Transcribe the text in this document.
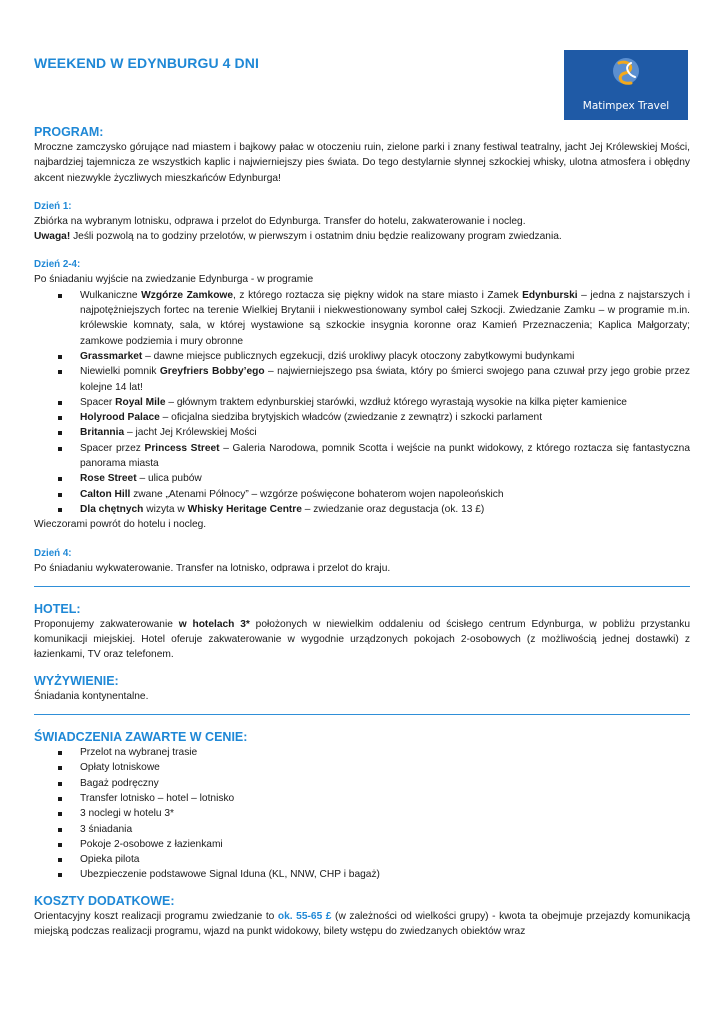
WEEKEND W EDYNBURGU 4 DNI
Matimpex Travel
PROGRAM:

Mroczne zamczysko górujące nad miastem i bajkowy pałac w otoczeniu ruin, zielone parki i znany festiwal teatralny, jacht Jej Królewskiej Mości, najbardziej tajemnicza ze wszystkich kaplic i najwierniejszy pies świata. Do tego destylarnie słynnej szkockiej whisky, ulotna atmosfera i obłędny akcent niezwykle życzliwych mieszkańców Edynburga!

Dzień 1:

Zbiórka na wybranym lotnisku, odprawa i przelot do Edynburga. Transfer do hotelu, zakwaterowanie i nocleg.

Uwaga! Jeśli pozwolą na to godziny przelotów, w pierwszym i ostatnim dniu będzie realizowany program zwiedzania.

Dzień 2-4:

Po śniadaniu wyjście na zwiedzanie Edynburga - w programie

Wulkaniczne Wzgórze Zamkowe, z którego roztacza się piękny widok na stare miasto i Zamek Edynburski – jedna z najstarszych i najpotężniejszych fortec na terenie Wielkiej Brytanii i niekwestionowany symbol całej Szkocji. Zwiedzanie Zamku – w programie m.in. królewskie komnaty, sala, w której wystawione są szkockie insygnia koronne oraz Kamień Przeznaczenia; Kaplica Małgorzaty; zamkowe podziemia i mury obronne
Grassmarket – dawne miejsce publicznych egzekucji, dziś urokliwy placyk otoczony zabytkowymi budynkami
Niewielki pomnik Greyfriers Bobby’ego – najwierniejszego psa świata, który po śmierci swojego pana czuwał przy jego grobie przez kolejne 14 lat!
Spacer Royal Mile – głównym traktem edynburskiej starówki, wzdłuż którego wyrastają wysokie na kilka pięter kamienice
Holyrood Palace – oficjalna siedziba brytyjskich władców (zwiedzanie z zewnątrz) i szkocki parlament
Britannia – jacht Jej Królewskiej Mości
Spacer przez Princess Street – Galeria Narodowa, pomnik Scotta i wejście na punkt widokowy, z którego roztacza się fantastyczna panorama miasta
Rose Street – ulica pubów
Calton Hill zwane „Atenami Północy” – wzgórze poświęcone bohaterom wojen napoleońskich
Dla chętnych wizyta w Whisky Heritage Centre – zwiedzanie oraz degustacja (ok. 13 £)

Wieczorami powrót do hotelu i nocleg.

Dzień 4:

Po śniadaniu wykwaterowanie. Transfer na lotnisko, odprawa i przelot do kraju.

HOTEL:

Proponujemy zakwaterowanie w hotelach 3* położonych w niewielkim oddaleniu od ścisłego centrum Edynburga, w pobliżu przystanku komunikacji miejskiej. Hotel oferuje zakwaterowanie w wygodnie urządzonych pokojach 2-osobowych (z możliwością jednej dostawki) z łazienkami, TV oraz telefonem.

WYŻYWIENIE:

Śniadania kontynentalne.

ŚWIADCZENIA ZAWARTE W CENIE:
Przelot na wybranej trasie
Opłaty lotniskowe
Bagaż podręczny
Transfer lotnisko – hotel – lotnisko
3 noclegi w hotelu 3*
3 śniadania
Pokoje 2-osobowe z łazienkami
Opieka pilota
Ubezpieczenie podstawowe Signal Iduna (KL, NNW, CHP i bagaż)
KOSZTY DODATKOWE:

Orientacyjny koszt realizacji programu zwiedzanie to ok. 55-65 £ (w zależności od wielkości grupy) - kwota ta obejmuje przejazdy komunikacją miejską podczas realizacji programu, wjazd na punkt widokowy, bilety wstępu do zwiedzanych obiektów wraz
